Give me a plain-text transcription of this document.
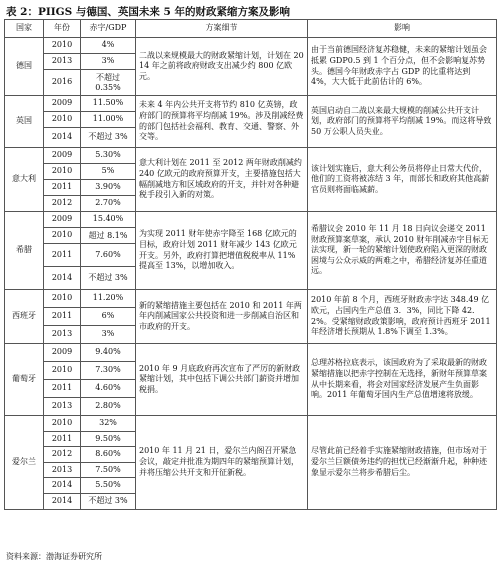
表 2：PIIGS 与德国、英国未来 5 年的财政紧缩方案及影响
国家	年份	赤字/GDP	方案细节	影响
德国	2010	4%	二战以来规模最大的财政紧缩计划，计划在 2014 年之前将政府财政支出减少约 800 亿欧元。	由于当前德国经济复苏稳健，未来的紧缩计划虽会抵累 GDP0.5 到 1 个百分点，但不会影响复苏势头。德国今年财政赤字占 GDP 的比重将达到 4%，大大低于此前估计的 6%。
	2013	3%		
	2016	不超过 0.35%		
英国	2009	11.50%	未来 4 年内公共开支将节约 810 亿英镑，政府部门的预算将平均削减 19%。涉及削减经费的部门包括社会福利、教育、交通、警察、外交等。	英国启动自二战以来最大规模的削减公共开支计划，政府部门的预算将平均削减 19%。而这将导致 50 万公职人员失业。
	2010	11.00%		
	2014	不超过 3%		
意大利	2009	5.30%	意大利计划在 2011 至 2012 两年财政削减约 240 亿欧元的政府预算开支，主要措施包括大幅削减地方和区域政府的开支，并针对各种避税手段引入新的对策。	该计划实施后，意大利公务员将停止日常大代价，他们的工资将被冻结 3 年，而部长和政府其他高薪官员则将面临减薪。
	2010	5%		
	2011	3.90%		
	2012	2.70%		
希腊	2009	15.40%	为实现 2011 财年使赤字降至 168 亿欧元的目标，政府计划 2011 财年减少 143 亿欧元开支。另外，政府打算把增值税税率从 11% 提高至 13%，以增加收入。	希腊议会 2010 年 11 月 18 日向议会递交 2011 财政预算案草案，承认 2010 财年削减赤字目标无法实现，新一轮的紧缩计划使政府陷入更深的财政困境与公众示威的两难之中，希腊经济复苏任重道远。
	2010	超过 8.1%		
	2011	7.60%		
	2014	不超过 3%		
西班牙	2010	11.20%	新的紧缩措施主要包括在 2010 和 2011 年两年内削减国家公共投资和进一步削减自治区和市政府的开支。	2010 年前 8 个月，西班牙财政赤字达 348.49 亿欧元，占国内生产总值 3．3%，同比下降 42．2%。受紧缩财政政策影响，政府预计西班牙 2011 年经济增长预期从 1.8%下调至 1.3%。
	2011	6%		
	2013	3%		
葡萄牙	2009	9.40%	2010 年 9 月底政府再次宣布了严厉的新财政紧缩计划，其中包括下调公共部门薪资并增加税捐。	总理苏格拉底表示，该国政府为了采取最新的财政紧缩措施以把赤字控制在无选择，新财年预算草案从中长期来看，将会对国家经济发展产生负面影响。2011 年葡萄牙国内生产总值增速将放缓。
	2010	7.30%		
	2011	4.60%		
	2013	2.80%		
爱尔兰	2010	32%	2010 年 11 月 21 日，爱尔兰内阁召开紧急会议，敲定并批准为期四年的紧缩预算计划，并将压缩公共开支和开征新税。	尽管此前已经着手实施紧缩财政措施，但市场对于爱尔兰巨额债务违约的担忧已经渐渐升起，种种迹象显示爱尔兰将步希腊后尘。
	2011	9.50%		
	2012	8.60%		
	2013	7.50%		
	2014	5.50%		
	2014	不超过 3%		
资料来源：渤海证券研究所
